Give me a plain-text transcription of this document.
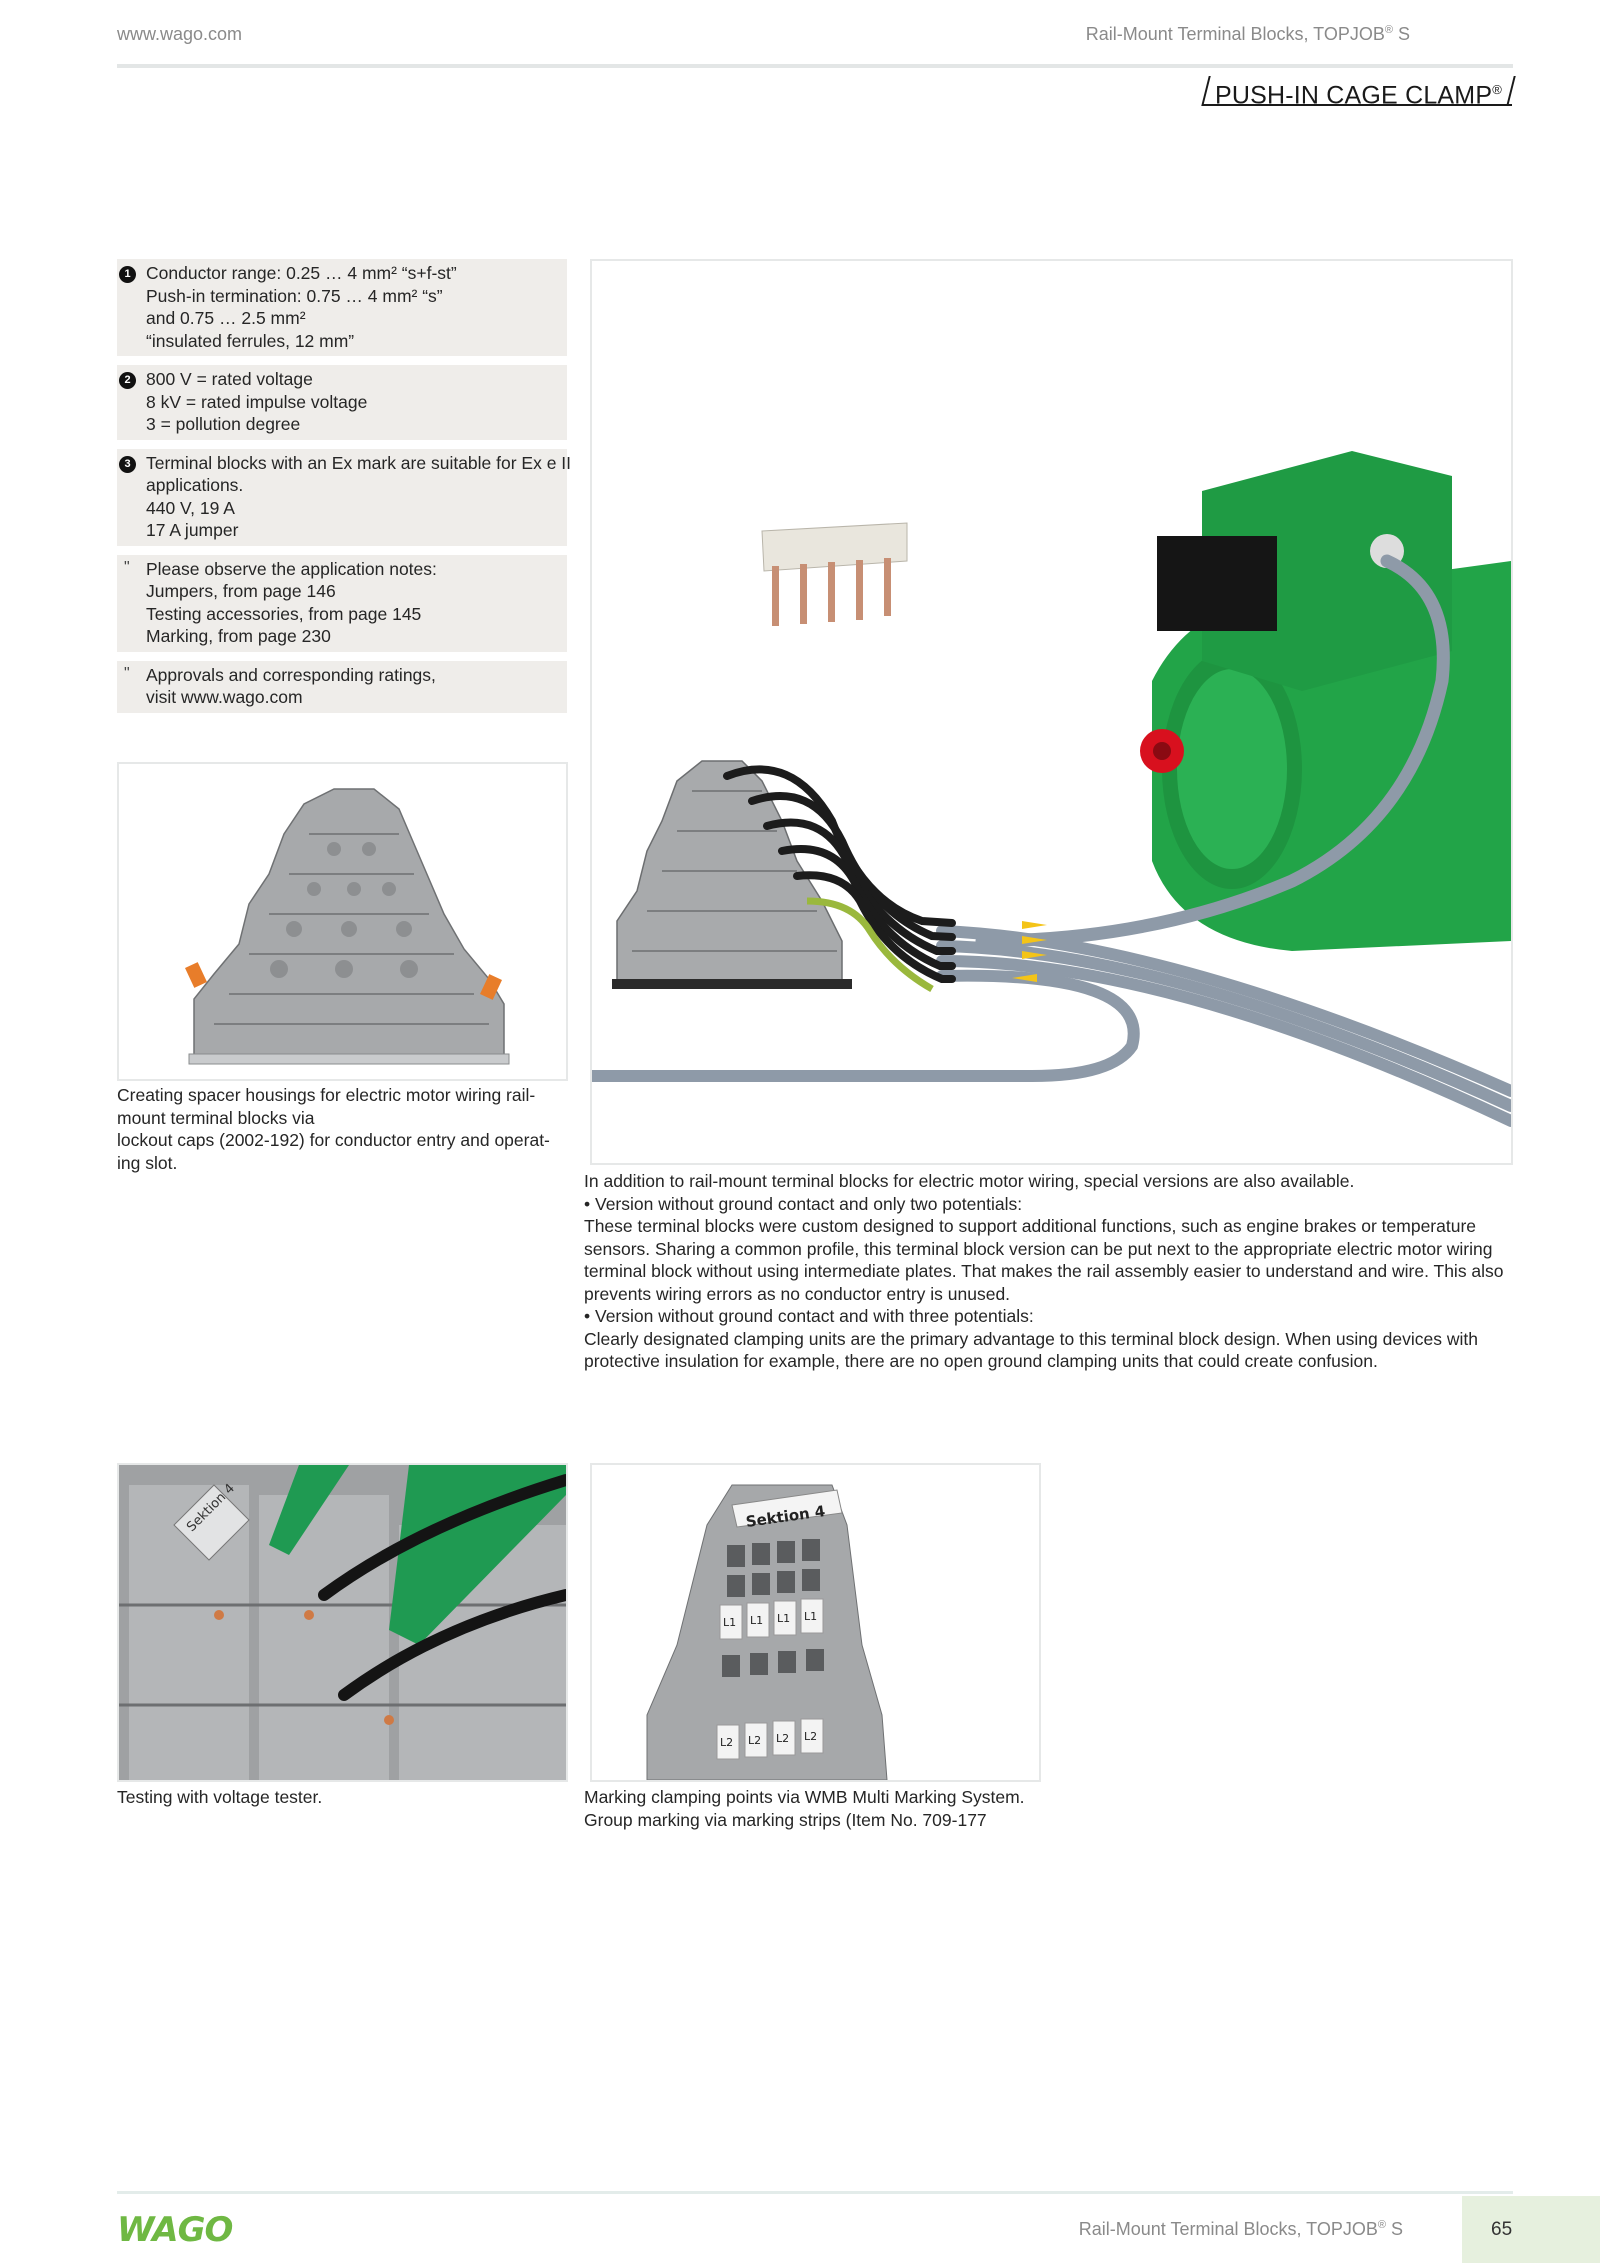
www.wago.com	Rail-Mount Terminal Blocks, TOPJOB® S
PUSH-IN CAGE CLAMP®
1 Conductor range: 0.25 … 4 mm² “s+f-st”

Push-in termination: 0.75 … 4 mm² “s”

and 0.75 … 2.5 mm²

“insulated ferrules, 12 mm”

2 800 V = rated voltage

8 kV = rated impulse voltage

3 = pollution degree

3 Terminal blocks with an Ex mark are suitable for Ex e II

applications.

440 V, 19 A

17 A jumper

" Please observe the application notes:

Jumpers, from page 146

Testing accessories, from page 145

Marking, from page 230

" Approvals and corresponding ratings,

visit www.wago.com

Creating spacer housings for electric motor wiring rail-

mount terminal blocks via

lockout caps (2002-192) for conductor entry and operat-

ing slot.

In addition to rail-mount terminal blocks for electric motor wiring, special versions are also available.

• Version without ground contact and only two potentials:

These terminal blocks were custom designed to support additional functions, such as engine brakes or temperature

sensors. Sharing a common profile, this terminal block version can be put next to the appropriate electric motor wiring

terminal block without using intermediate plates. That makes the rail assembly easier to understand and wire. This also

prevents wiring errors as no conductor entry is unused.

• Version without ground contact and with three potentials:

Clearly designated clamping units are the primary advantage to this terminal block design. When using devices with

protective insulation for example, there are no open ground clamping units that could create confusion.

Sektion 4

Testing with voltage tester.

Sektion 4
L1 L1 L1 L1
L2 L2 L2 L2

Marking clamping points via WMB Multi Marking System.

Group marking via marking strips (Item No. 709-177

WAGO	Rail-Mount Terminal Blocks, TOPJOB® S	65
